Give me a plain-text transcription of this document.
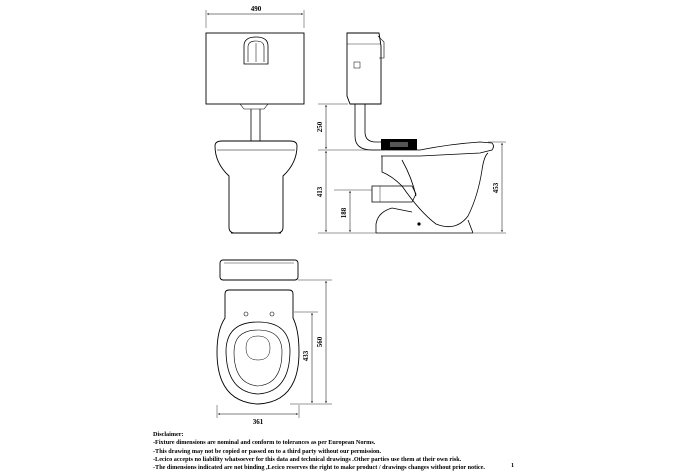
250
413
188
453
490
361
560
433
Disclaimer:
-Fixture dimensions are nominal and conform to tolerances as per European Norms.
-This drawing may not be copied or passed on to a third party without our permission.
-Lecico accepts no liability whatsoever for this data and technical drawings .Other parties use them at their own risk.
-The dimensions indicated are not binding ,Lecico reserves the right to make product / drawings changes without prior notice.	1
